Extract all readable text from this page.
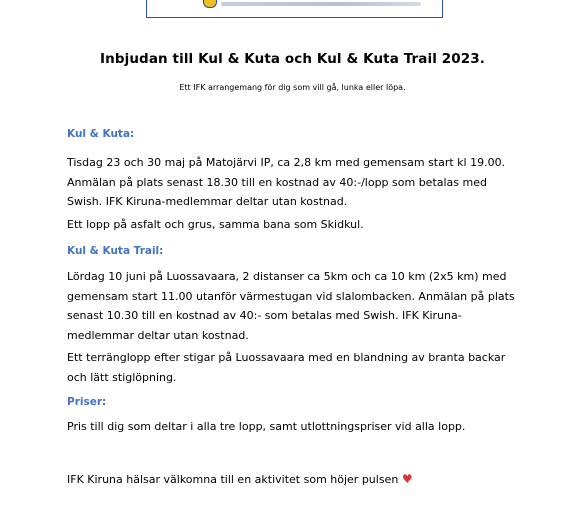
Inbjudan till Kul & Kuta och Kul & Kuta Trail 2023.
Ett IFK arrangemang för dig som vill gå, lunka eller löpa.
Kul & Kuta:
Tisdag 23 och 30 maj på Matojärvi IP, ca 2,8 km med gemensam start kl 19.00.
Anmälan på plats senast 18.30 till en kostnad av 40:-/lopp som betalas med
Swish. IFK Kiruna-medlemmar deltar utan kostnad.
Ett lopp på asfalt och grus, samma bana som Skidkul.
Kul & Kuta Trail:
Lördag 10 juni på Luossavaara, 2 distanser ca 5km och ca 10 km (2x5 km) med
gemensam start 11.00 utanför värmestugan vid slalombacken. Anmälan på plats
senast 10.30 till en kostnad av 40:- som betalas med Swish. IFK Kiruna-
medlemmar deltar utan kostnad.
Ett terränglopp efter stigar på Luossavaara med en blandning av branta backar
och lätt stiglöpning.
Priser:
Pris till dig som deltar i alla tre lopp, samt utlottningspriser vid alla lopp.
IFK Kiruna hälsar välkomna till en aktivitet som höjer pulsen ♥
